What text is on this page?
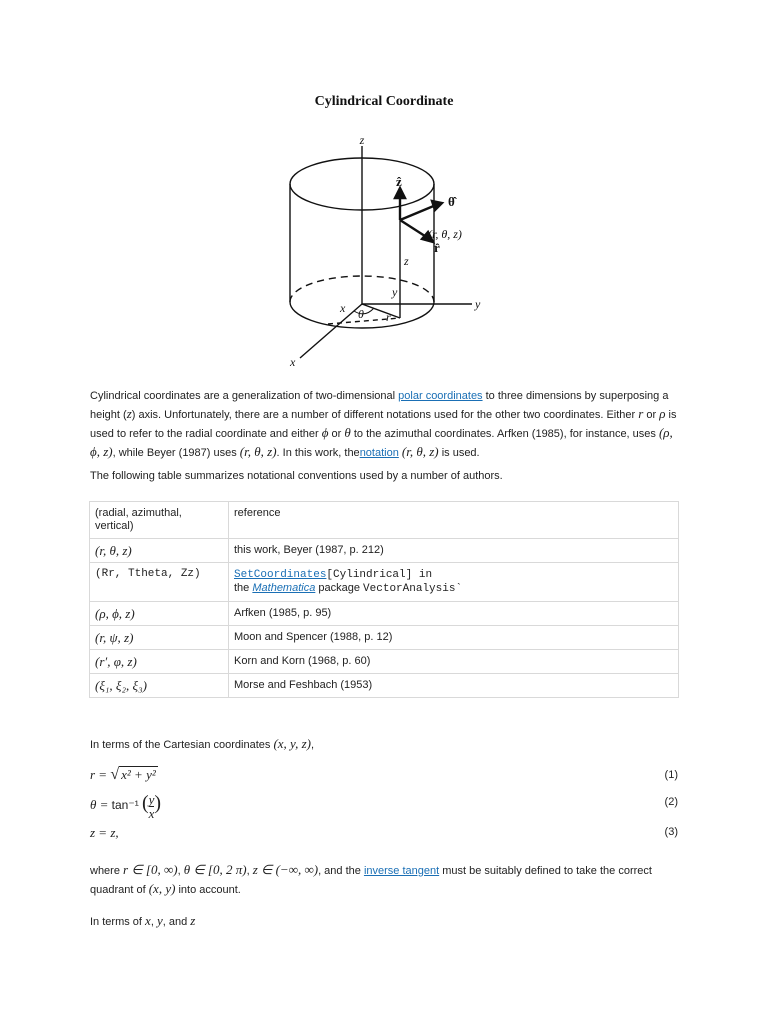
Cylindrical Coordinate
z
y
x
x
y
z
θ r
(r, θ, z)
ẑ
θ̂
r̂
Cylindrical coordinates are a generalization of two-dimensional polar coordinates to three dimensions by superposing a height (z) axis. Unfortunately, there are a number of different notations used for the other two coordinates. Either r or ρ is used to refer to the radial coordinate and either ϕ or θ to the azimuthal coordinates. Arfken (1985), for instance, uses (ρ, ϕ, z), while Beyer (1987) uses (r, θ, z). In this work, thenotation (r, θ, z) is used.
The following table summarizes notational conventions used by a number of authors.
(radial, azimuthal, vertical)	reference
(r, θ, z)	this work, Beyer (1987, p. 212)
(Rr, Ttheta, Zz)	SetCoordinates[Cylindrical] in
the Mathematica package VectorAnalysis`
(ρ, ϕ, z)	Arfken (1985, p. 95)
(r, ψ, z)	Moon and Spencer (1988, p. 12)
(r′, φ, z)	Korn and Korn (1968, p. 60)
(ξ₁, ξ₂, ξ₃)	Morse and Feshbach (1953)
In terms of the Cartesian coordinates (x, y, z),
r = √ x² + y²	(1)
θ = tan⁻¹ ( $\frac{y}{x}$ )	(2)
z = z,	(3)
where r ∈ [0, ∞), θ ∈ [0, 2 π), z ∈ (−∞, ∞), and the inverse tangent must be suitably defined to take the correct quadrant of (x, y) into account.
In terms of x, y, and z
